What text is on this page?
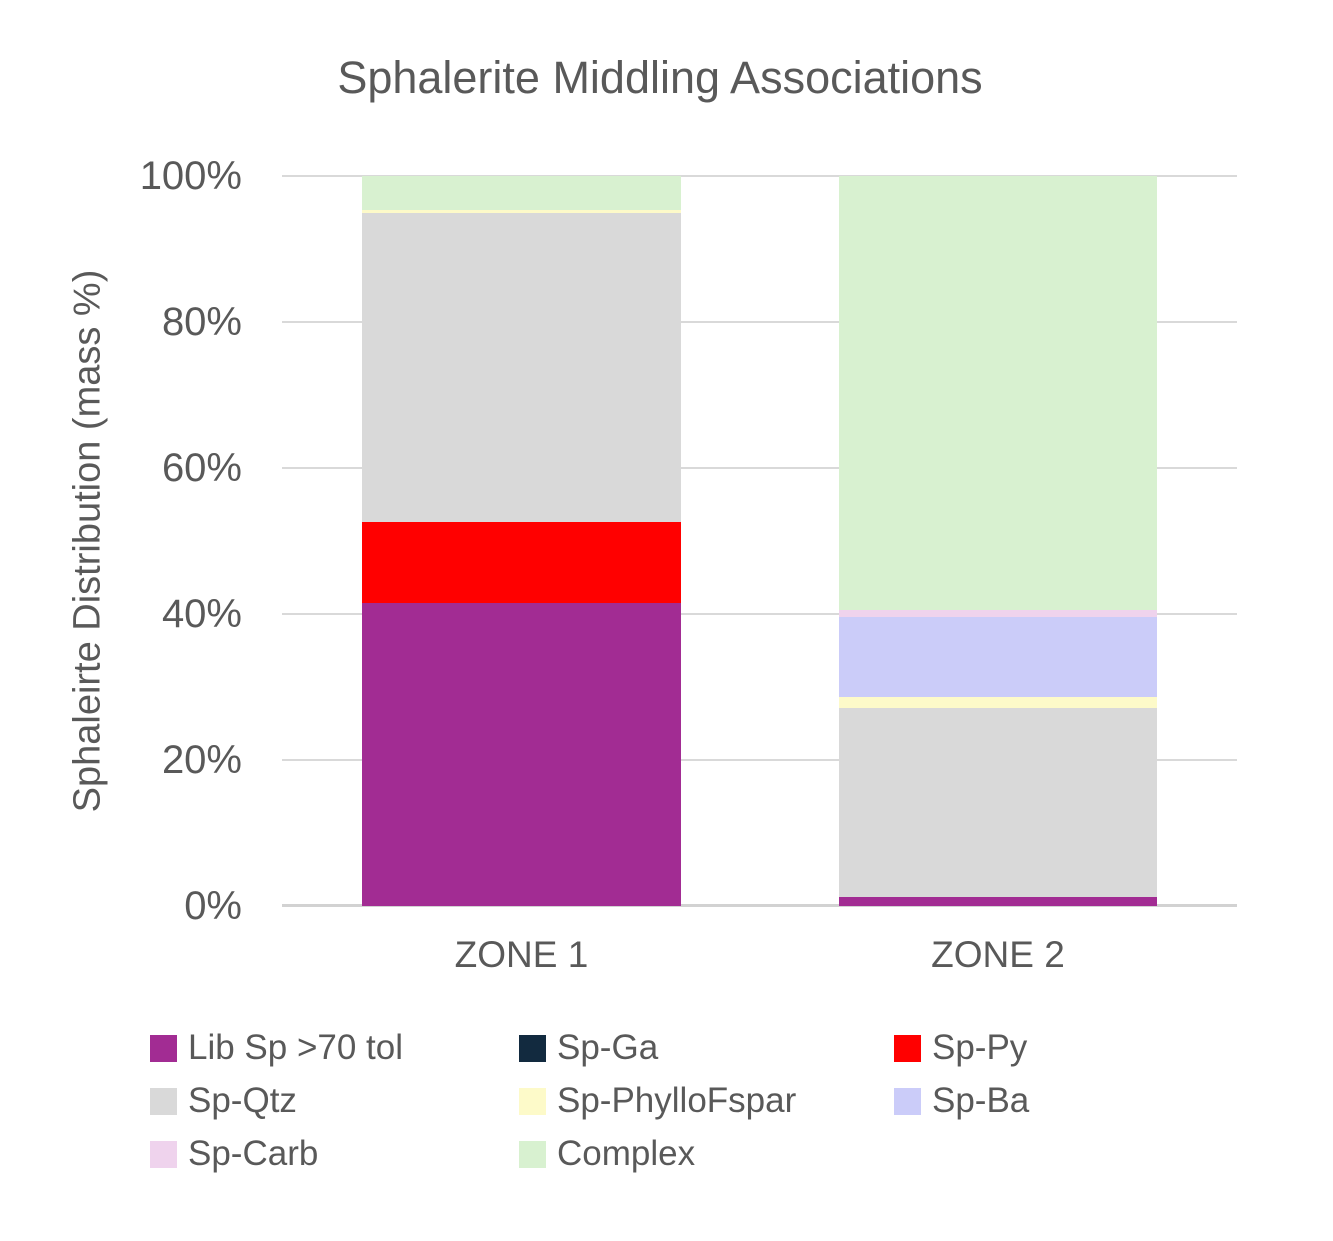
Sphalerite Middling Associations
Sphaleirte Distribution (mass %)
0%
20%
40%
60%
80%
100%
ZONE 1	ZONE 2
Lib Sp >70 tol	Sp-Ga	Sp-Py
Sp-Qtz	Sp-PhylloFspar	Sp-Ba
Sp-Carb	Complex
